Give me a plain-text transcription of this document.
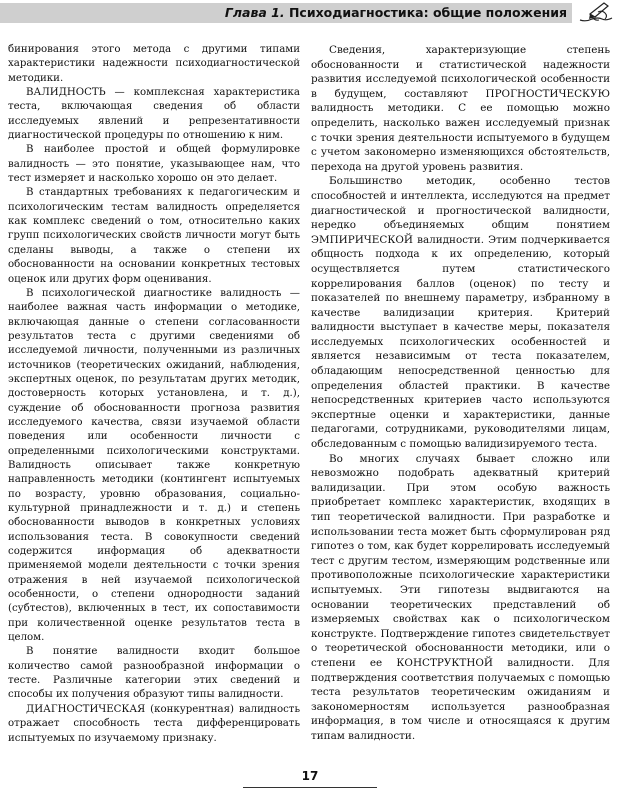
Глава 1. Психодиагностика: общие положения

бинирования этого метода с другими типами характеристики надежности психодиагностической методики.

ВАЛИДНОСТЬ — комплексная характеристика теста, включающая сведения об области исследуемых явлений и репрезентативности диагностической процедуры по отношению к ним.

В наиболее простой и общей формулировке валидность — это понятие, указывающее нам, что тест измеряет и насколько хорошо он это делает.

В стандартных требованиях к педагогическим и психологическим тестам валидность определяется как комплекс сведений о том, относительно каких групп психологических свойств личности могут быть сделаны выводы, а также о степени их обоснованности на основании конкретных тестовых оценок или других форм оценивания.

В психологической диагностике валидность — наиболее важная часть информации о методике, включающая данные о степени согласованности результатов теста с другими сведениями об исследуемой личности, полученными из различных источников (теоретических ожиданий, наблюдения, экспертных оценок, по результатам других методик, достоверность которых установлена, и т. д.), суждение об обоснованности прогноза развития исследуемого качества, связи изучаемой области поведения или особенности личности с определенными психологическими конструктами. Валидность описывает также конкретную направленность методики (контингент испытуемых по возрасту, уровню образования, социально-культурной принадлежности и т. д.) и степень обоснованности выводов в конкретных условиях использования теста. В совокупности сведений содержится информация об адекватности применяемой модели деятельности с точки зрения отражения в ней изучаемой психологической особенности, о степени однородности заданий (субтестов), включенных в тест, их сопоставимости при количественной оценке результатов теста в целом.

В понятие валидности входит большое количество самой разнообразной информации о тесте. Различные категории этих сведений и способы их получения образуют типы валидности.

ДИАГНОСТИЧЕСКАЯ (конкурентная) валидность отражает способность теста дифференцировать испытуемых по изучаемому признаку.

Сведения, характеризующие степень обоснованности и статистической надежности развития исследуемой психологической особенности в будущем, составляют ПРОГНОСТИЧЕСКУЮ валидность методики. С ее помощью можно определить, насколько важен исследуемый признак с точки зрения деятельности испытуемого в будущем с учетом закономерно изменяющихся обстоятельств, перехода на другой уровень развития.

Большинство методик, особенно тестов способностей и интеллекта, исследуются на предмет диагностической и прогностической валидности, нередко объединяемых общим понятием ЭМПИРИЧЕСКОЙ валидности. Этим подчеркивается общность подхода к их определению, который осуществляется путем статистического коррелирования баллов (оценок) по тесту и показателей по внешнему параметру, избранному в качестве валидизации критерия. Критерий валидности выступает в качестве меры, показателя исследуемых психологических особенностей и является независимым от теста показателем, обладающим непосредственной ценностью для определения областей практики. В качестве непосредственных критериев часто используются экспертные оценки и характеристики, данные педагогами, сотрудниками, руководителями лицам, обследованным с помощью валидизируемого теста.

Во многих случаях бывает сложно или невозможно подобрать адекватный критерий валидизации. При этом особую важность приобретает комплекс характеристик, входящих в тип теоретической валидности. При разработке и использовании теста может быть сформулирован ряд гипотез о том, как будет коррелировать исследуемый тест с другим тестом, измеряющим родственные или противоположные психологические характеристики испытуемых. Эти гипотезы выдвигаются на основании теоретических представлений об измеряемых свойствах как о психологическом конструкте. Подтверждение гипотез свидетельствует о теоретической обоснованности методики, или о степени ее КОНСТРУКТНОЙ валидности. Для подтверждения соответствия получаемых с помощью теста результатов теоретическим ожиданиям и закономерностям используется разнообразная информация, в том числе и относящаяся к другим типам валидности.

17
